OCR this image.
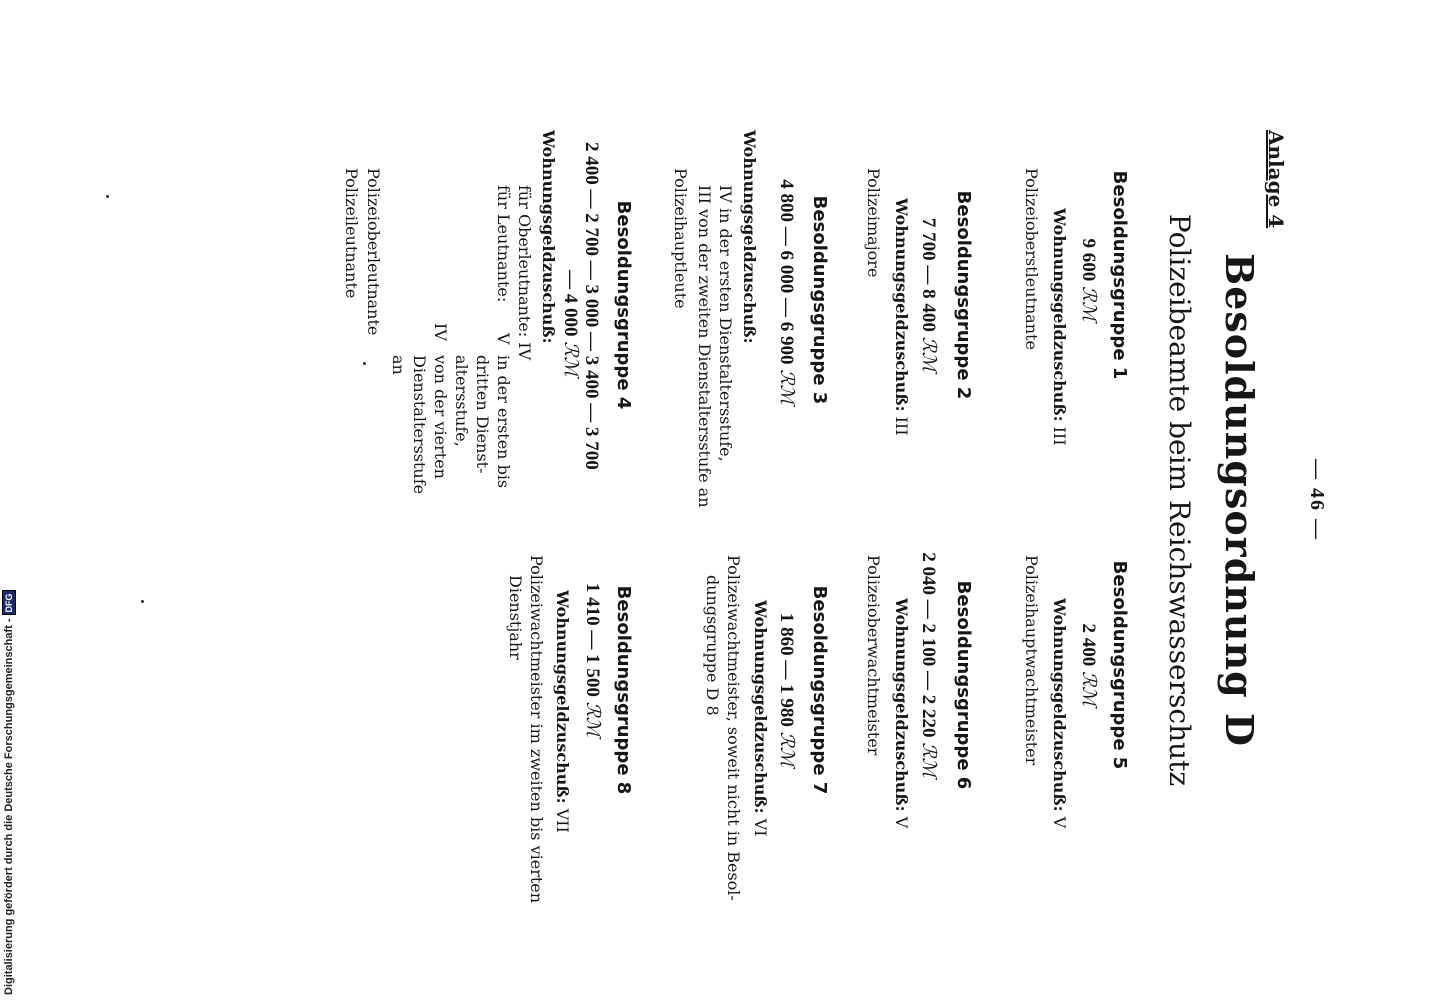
Anlage 4
— 46 —
Besoldungsordnung D
Polizeibeamte beim Reichswasserschutz
Besoldungsgruppe 1
9 600 ℛℳ
Wohnungsgeldzuschuß: III
Polizeioberstleutnante
Besoldungsgruppe 2
7 700 — 8 400 ℛℳ
Wohnungsgeldzuschuß: III
Polizeimajore
Besoldungsgruppe 3
4 800 — 6 000 — 6 900 ℛℳ
Wohnungsgeldzuschuß:
IV in der ersten Dienstaltersstufe,
III von der zweiten Dienstaltersstufe an
Polizeihauptleute
Besoldungsgruppe 4
2 400 — 2 700 — 3 000 — 3 400 — 3 700
— 4 000 ℛℳ
Wohnungsgeldzuschuß:
für Oberleutnante: IV
für Leutnante:
V
in der ersten bis
dritten Dienst-
altersstufe,
IV
von der vierten
Dienstaltersstufe
an
Polizeioberleutnante
Polizeileutnante
Besoldungsgruppe 5
2 400 ℛℳ
Wohnungsgeldzuschuß: V
Polizeihauptwachtmeister
Besoldungsgruppe 6
2 040 — 2 100 — 2 220 ℛℳ
Wohnungsgeldzuschuß: V
Polizeioberwachtmeister
Besoldungsgruppe 7
1 860 — 1 980 ℛℳ
Wohnungsgeldzuschuß: VI
Polizeiwachtmeister, soweit nicht in Besol-
dungsgruppe D 8
Besoldungsgruppe 8
1 410 — 1 500 ℛℳ
Wohnungsgeldzuschuß: VII
Polizeiwachtmeister im zweiten bis vierten
Dienstjahr
Digitalisierung gefördert durch die Deutsche Forschungsgemeinschaft -
DFG
